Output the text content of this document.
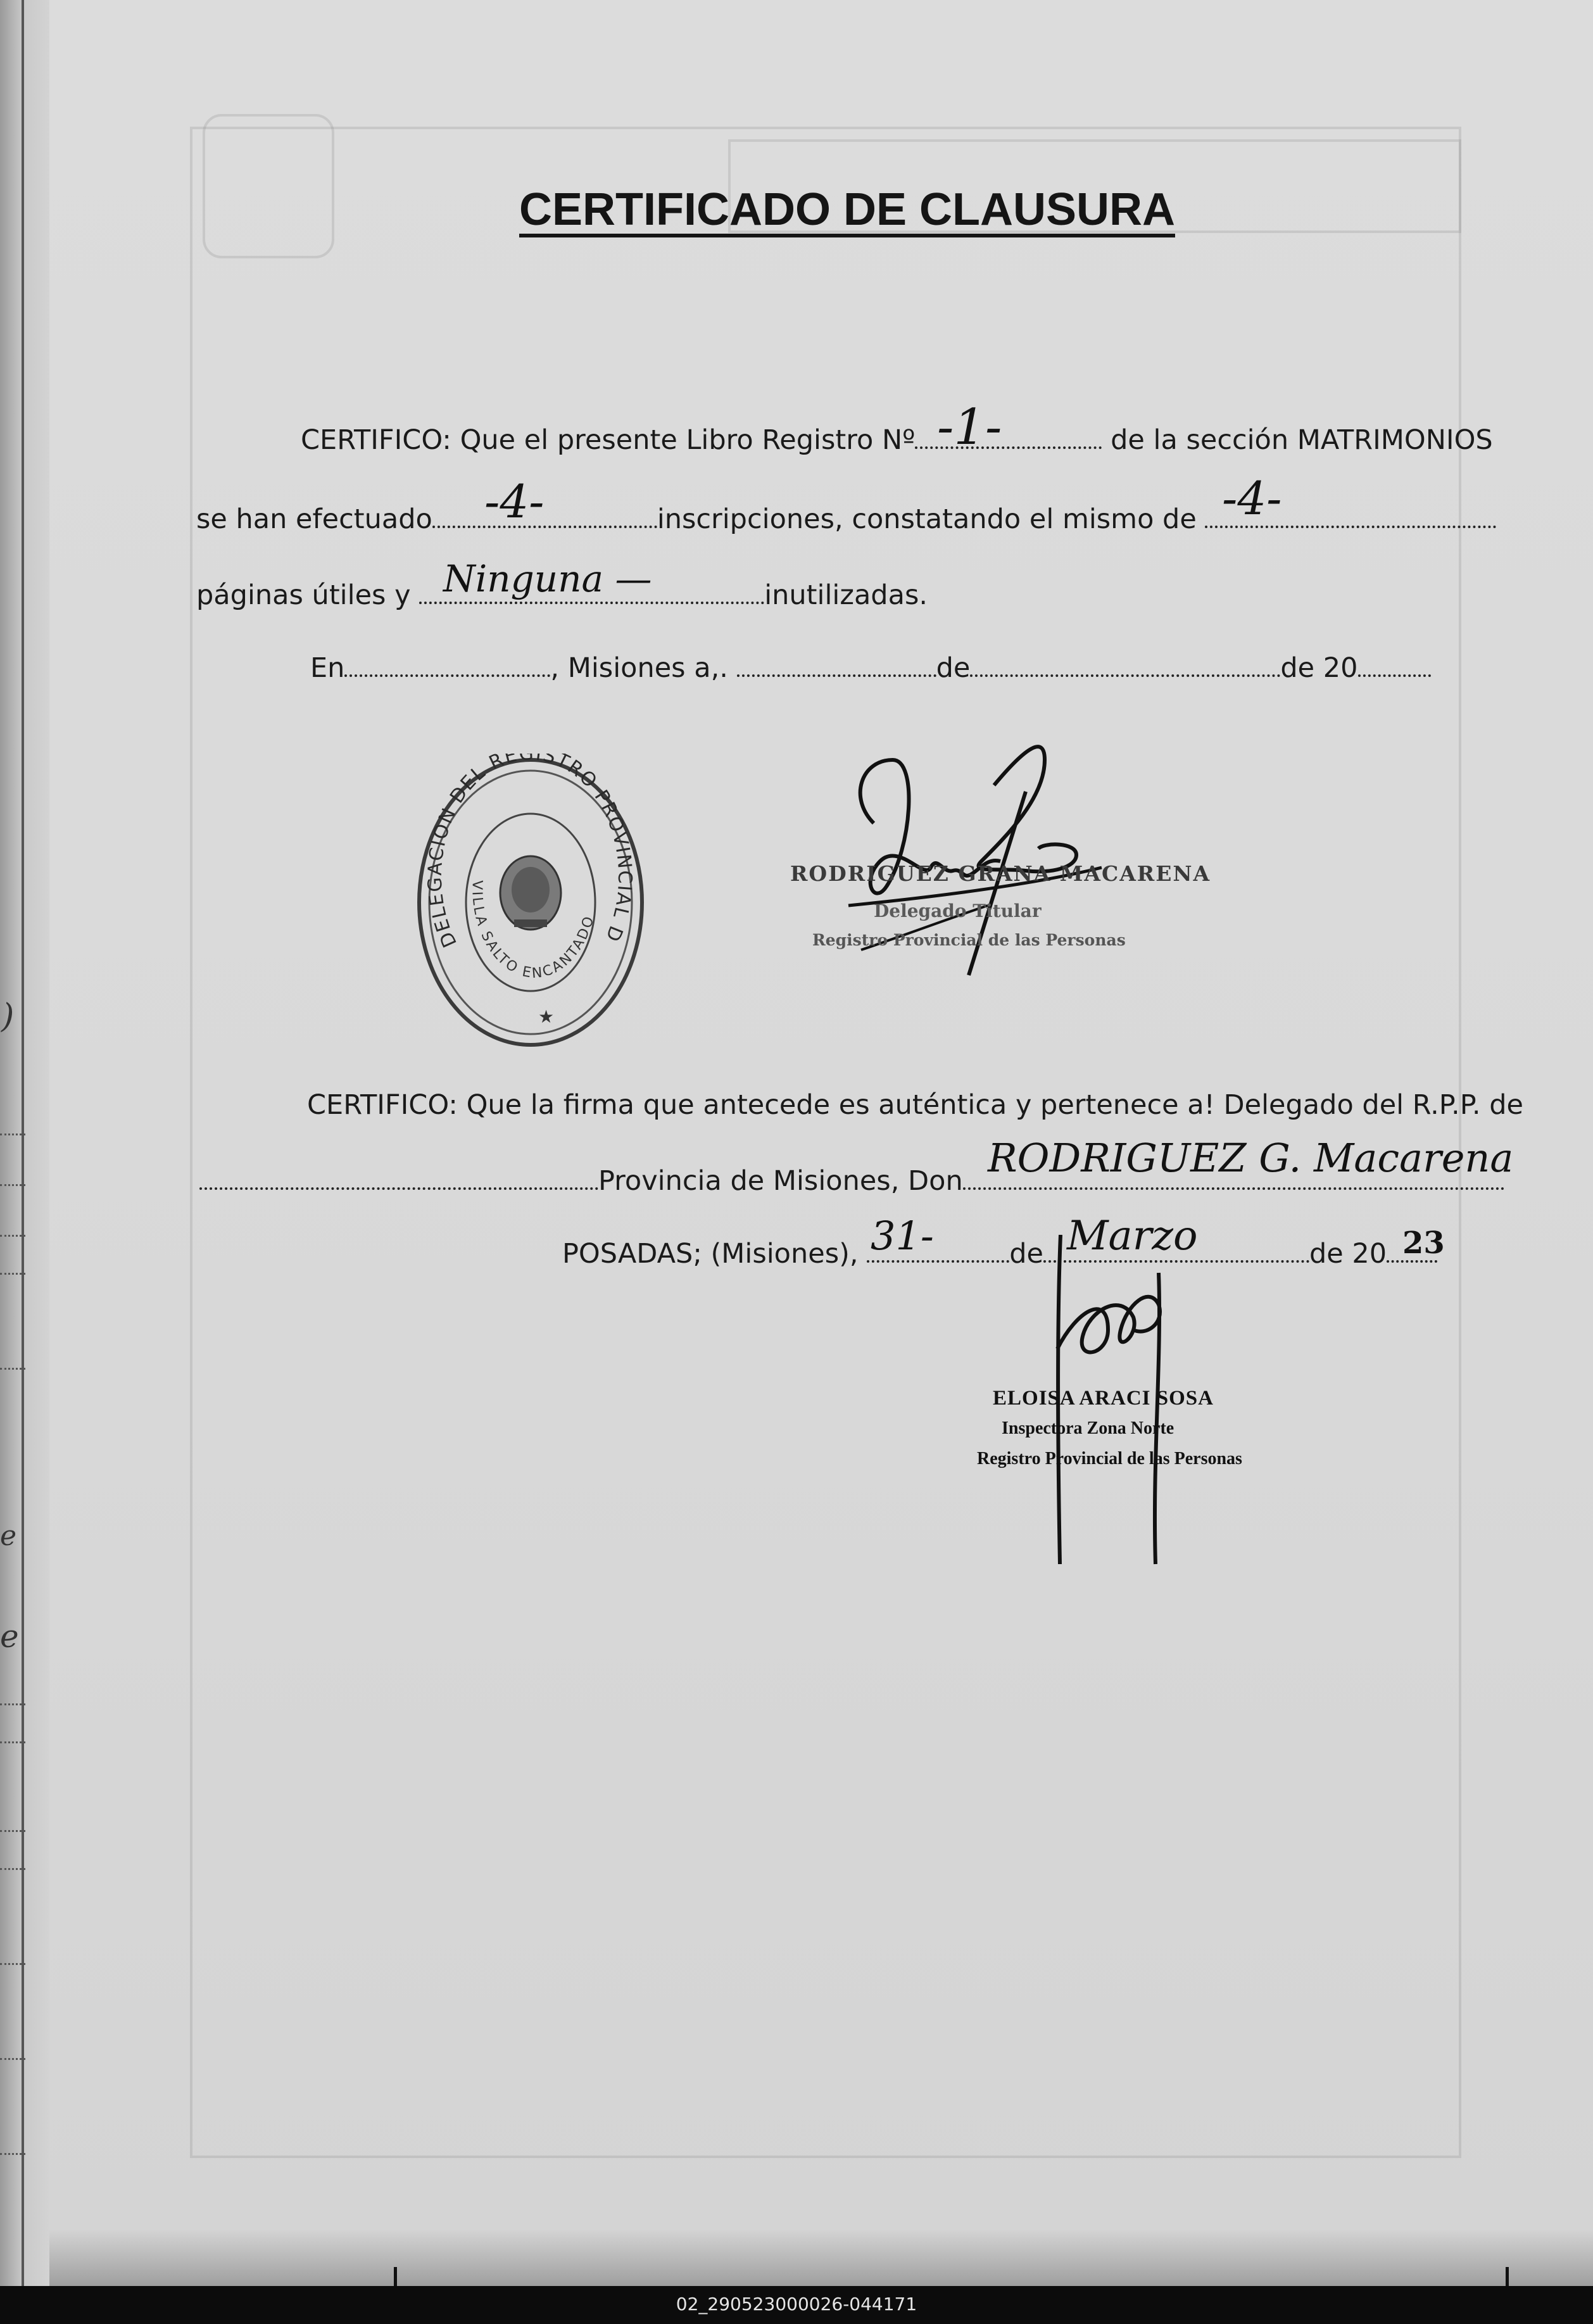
)
e
e
CERTIFICADO DE CLAUSURA
CERTIFICO: Que el presente Libro Registro Nº	de la sección MATRIMONIOS
-1-
se han efectuado	inscripciones, constatando el mismo de
-4-	-4-
páginas útiles y	inutilizadas.
Ninguna —
En	, Misiones a,.	de	de 20
DELEGACION DEL REGISTRO PROVINCIAL D
VILLA SALTO ENCANTADO
★
RODRIGUEZ GRANA MACARENA
Delegado Titular
Registro Provincial de las Personas
CERTIFICO: Que la firma que antecede es auténtica y pertenece a! Delegado del R.P.P. de
Provincia de Misiones, Don RODRIGUEZ G. Macarena
POSADAS; (Misiones),	de	de 20
31-	Marzo	23
ELOISA ARACI SOSA
Inspectora Zona Norte
Registro Provincial de las Personas
02_290523000026-044171
